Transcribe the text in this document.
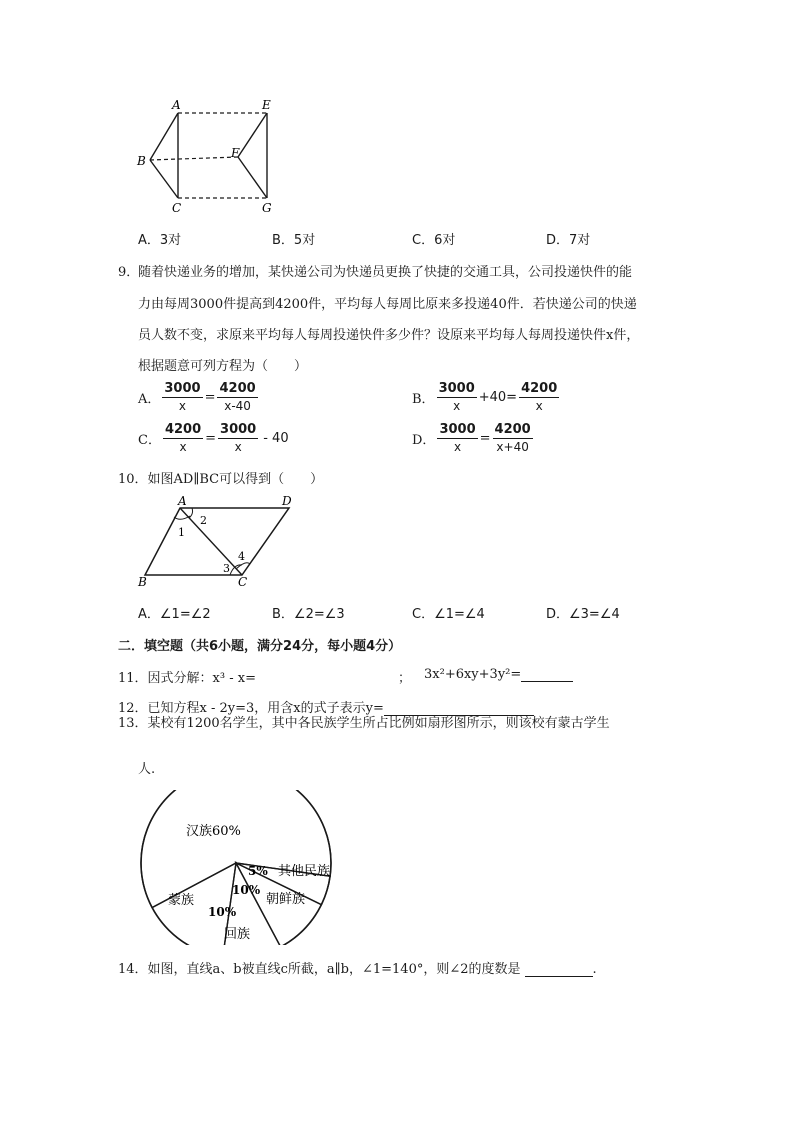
A	E
B
F
C	G
A．3对	B．5对	C．6对	D．7对
9．
随着快递业务的增加，某快递公司为快递员更换了快捷的交通工具，公司投递快件的能
力由每周3000件提高到4200件，平均每人每周比原来多投递40件．若快递公司的快递
员人数不变，求原来平均每人每周投递快件多少件？设原来平均每人每周投递快件x件，
根据题意可列方程为（　　）
A． $\frac{3000}{x} = \frac{4200}{x-40}$	B． $\frac{3000}{x} +40= \frac{4200}{x}$
C． $\frac{4200}{x} = \frac{3000}{x} - 40$	D． $\frac{3000}{x} = \frac{4200}{x+40}$
10．如图AD∥BC可以得到（　　）
A	D
B	C
1
2
3
4
A．∠1=∠2	B．∠2=∠3	C．∠1=∠4	D．∠3=∠4
二．填空题（共6小题，满分24分，每小题4分）
11．因式分解：x³ - x=	； 3x²+6xy+3y²=
12．已知方程x - 2y=3，用含x的式子表示y=
13．某校有1200名学生，其中各民族学生所占比例如扇形图所示，则该校有蒙古学生
人.
汉族60%
5% 其他民族
10%
朝鲜族
蒙族
10%
回族
14．如图，直线a、b被直线c所截，a∥b，∠1=140°，则∠2的度数是	.
